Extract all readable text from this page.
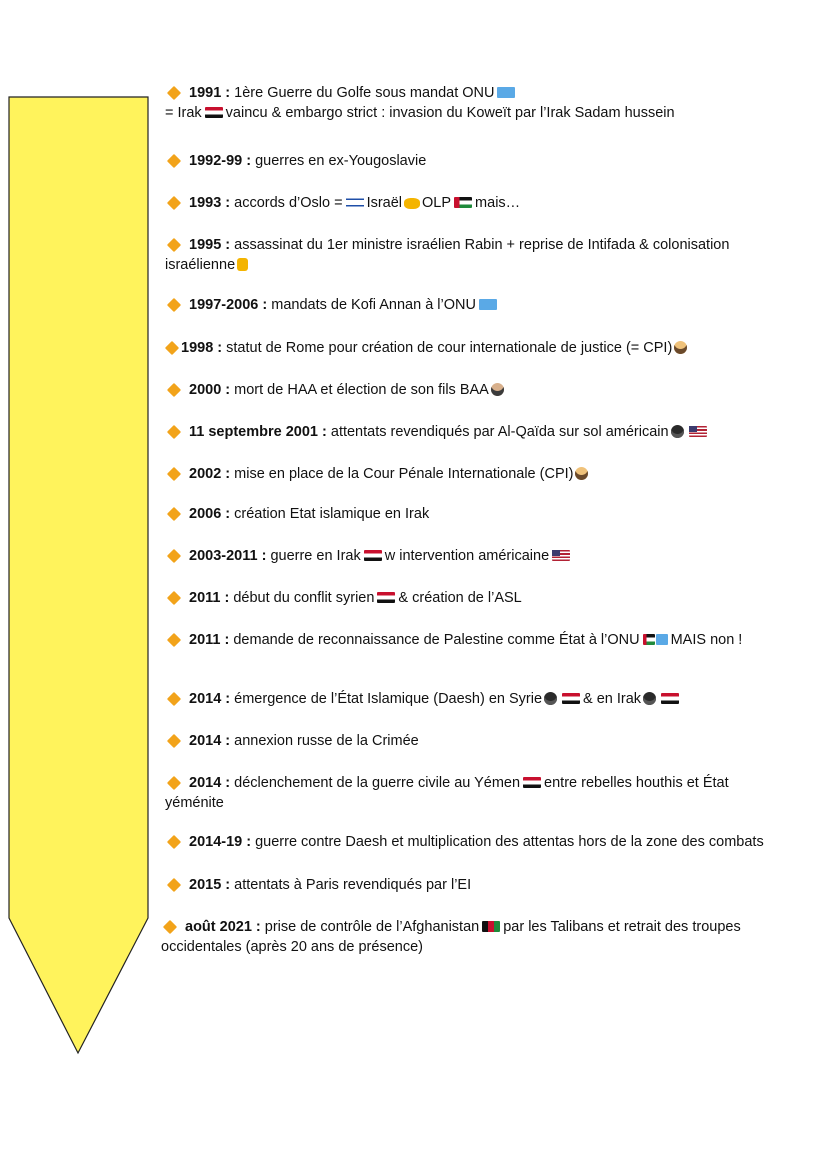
1991 : 1ère Guerre du Golfe sous mandat ONU
= Irak vaincu & embargo strict : invasion du Koweït par l’Irak Sadam hussein
1992-99 : guerres en ex-Yougoslavie
1993 : accords d’Oslo = Israël OLP mais…
1995 : assassinat du 1er ministre israélien Rabin + reprise de Intifada & colonisation israélienne
1997-2006 : mandats de Kofi Annan à l’ONU
1998 : statut de Rome pour création de cour internationale de justice (= CPI)
2000 : mort de HAA et élection de son fils BAA
11 septembre 2001 : attentats revendiqués par Al-Qaïda sur sol américain
2002 : mise en place de la Cour Pénale Internationale (CPI)
2006 : création Etat islamique en Irak
2003-2011 : guerre en Irak w intervention américaine
2011 : début du conflit syrien & création de l’ASL
2011 : demande de reconnaissance de Palestine comme État à l’ONU MAIS non !
2014 : émergence de l’État Islamique (Daesh) en Syrie	& en Irak
2014 : annexion russe de la Crimée
2014 : déclenchement de la guerre civile au Yémen entre rebelles houthis et État yéménite
2014-19 : guerre contre Daesh et multiplication des attentas hors de la zone des combats
2015 : attentats à Paris revendiqués par l’EI
août 2021 : prise de contrôle de l’Afghanistan par les Talibans et retrait des troupes occidentales (après 20 ans de présence)
